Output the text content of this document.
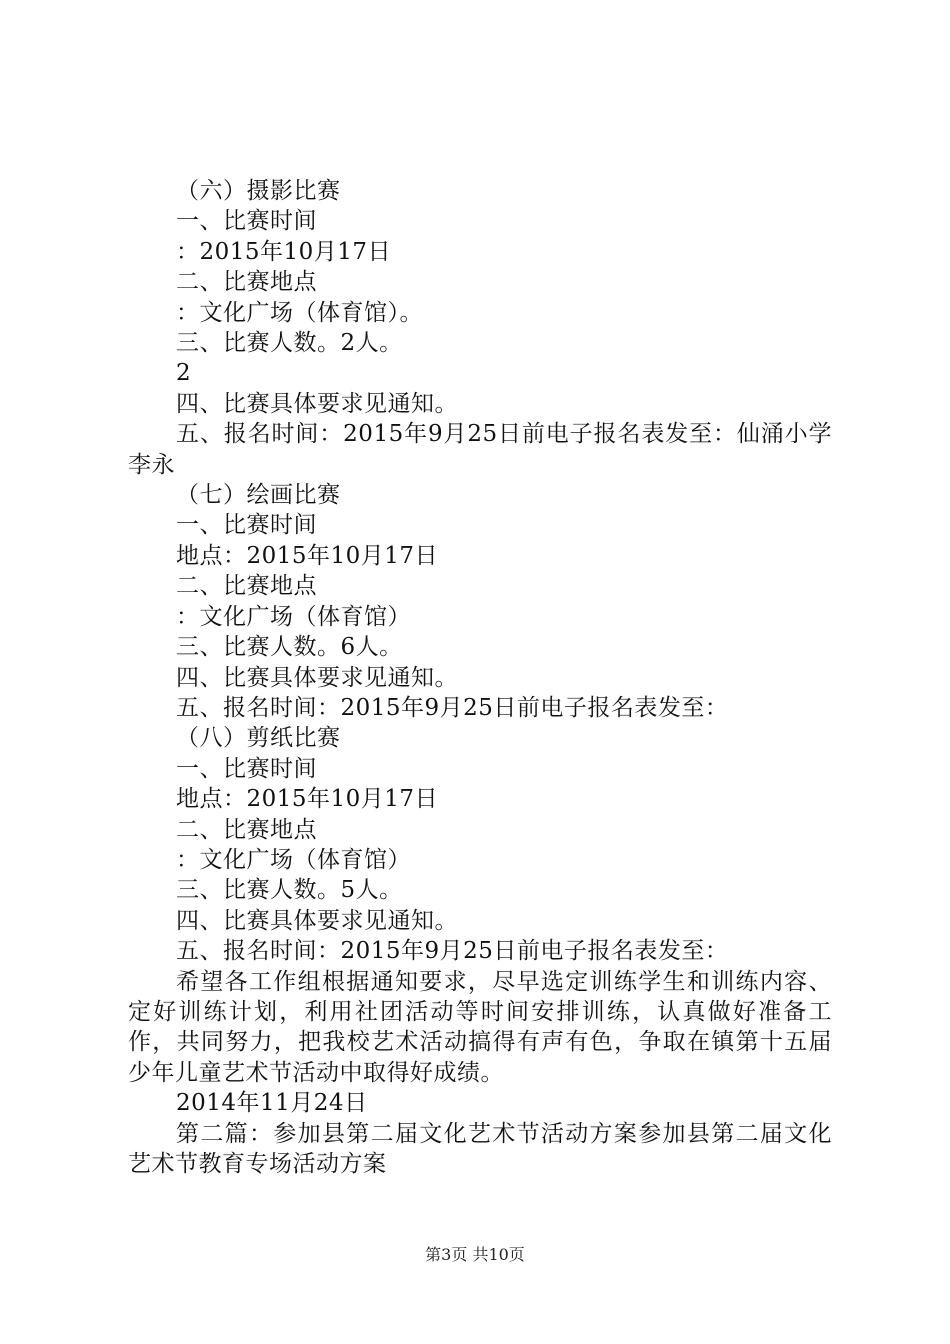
（六）摄影比赛
一、比赛时间
：2015年10月17日
二、比赛地点
：文化广场（体育馆）。
三、比赛人数。2人。
2
四、比赛具体要求见通知。
五、报名时间：2015年9月25日前电子报名表发至：仙涌小学李永
（七）绘画比赛
一、比赛时间
地点：2015年10月17日
二、比赛地点
：文化广场（体育馆）
三、比赛人数。6人。
四、比赛具体要求见通知。
五、报名时间：2015年9月25日前电子报名表发至：
（八）剪纸比赛
一、比赛时间
地点：2015年10月17日
二、比赛地点
：文化广场（体育馆）
三、比赛人数。5人。
四、比赛具体要求见通知。
五、报名时间：2015年9月25日前电子报名表发至：
希望各工作组根据通知要求，尽早选定训练学生和训练内容、定好训练计划，利用社团活动等时间安排训练，认真做好准备工作，共同努力，把我校艺术活动搞得有声有色，争取在镇第十五届少年儿童艺术节活动中取得好成绩。
2014年11月24日
第二篇：参加县第二届文化艺术节活动方案参加县第二届文化艺术节教育专场活动方案
第3页 共10页
